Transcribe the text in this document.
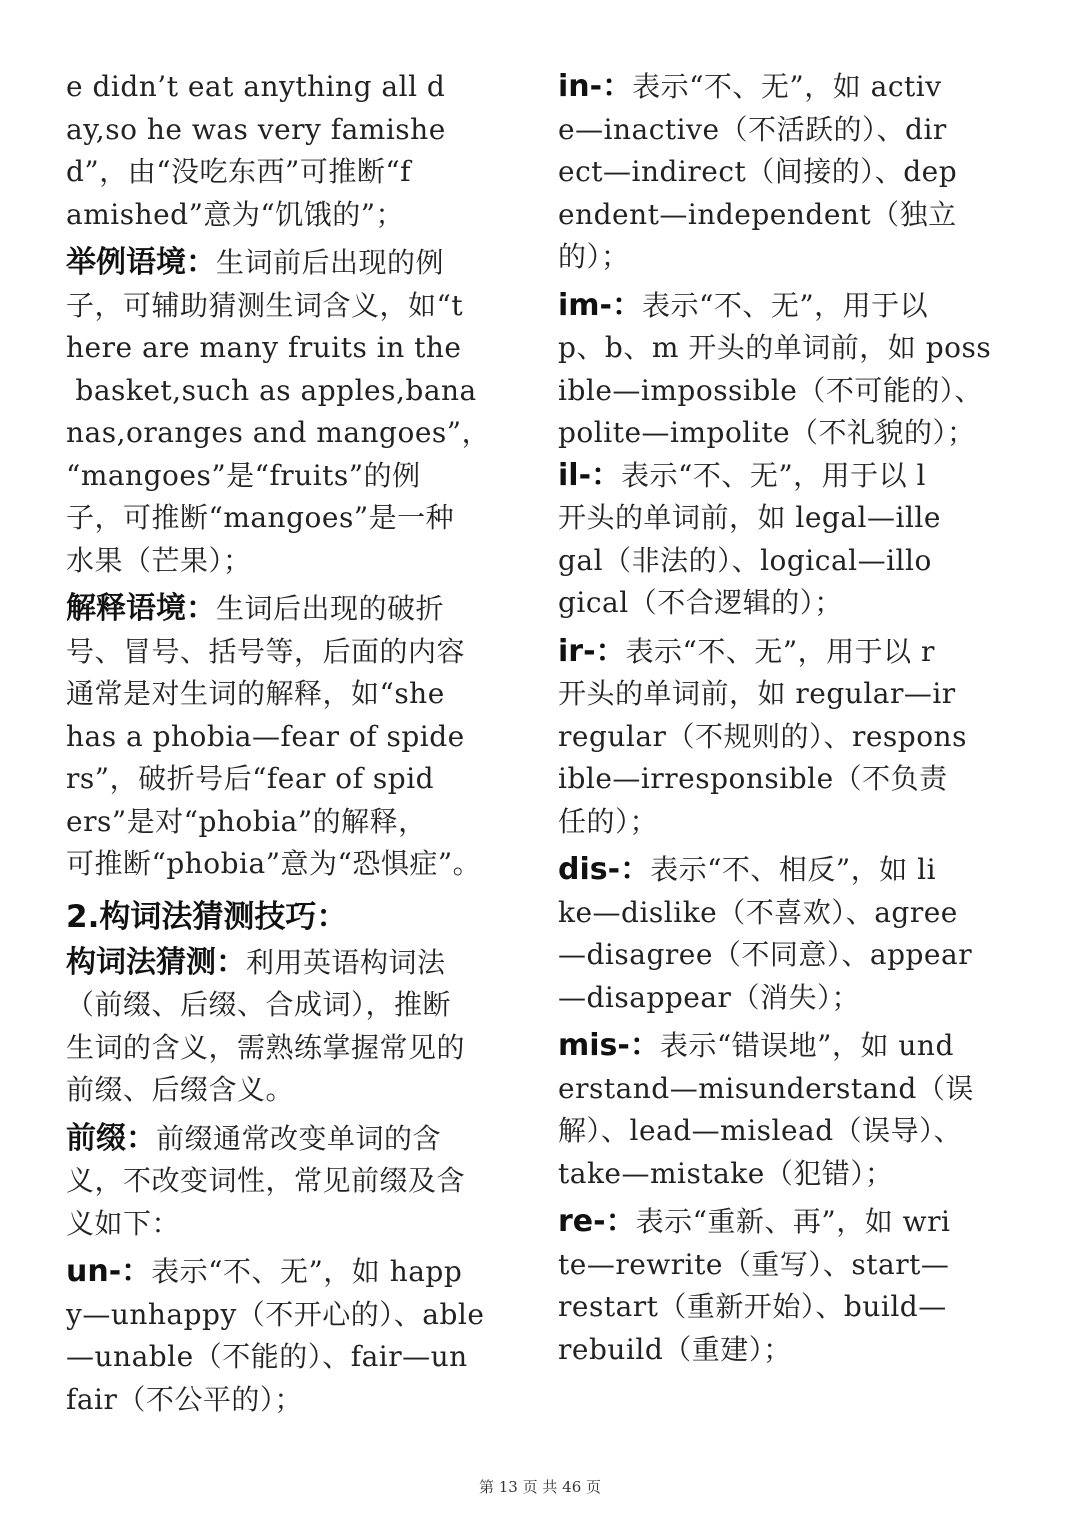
e didn’t eat anything all d
ay,so he was very famishe
d”，由“没吃东西”可推断“f
amished”意为“饥饿的”；
举例语境：生词前后出现的例
子，可辅助猜测生词含义，如“t
here are many fruits in the
basket,such as apples,bana
nas,oranges and mangoes”，
“mangoes”是“fruits”的例
子，可推断“mangoes”是一种
水果（芒果）；
解释语境：生词后出现的破折
号、冒号、括号等，后面的内容
通常是对生词的解释，如“she
has a phobia—fear of spide
rs”，破折号后“fear of spid
ers”是对“phobia”的解释，
可推断“phobia”意为“恐惧症”。
2.构词法猜测技巧：
构词法猜测：利用英语构词法
（前缀、后缀、合成词），推断
生词的含义，需熟练掌握常见的
前缀、后缀含义。
前缀：前缀通常改变单词的含
义，不改变词性，常见前缀及含
义如下：
un-：表示“不、无”，如 happ
y—unhappy（不开心的）、able
—unable（不能的）、fair—un
fair（不公平的）；
in-：表示“不、无”，如 activ
e—inactive（不活跃的）、dir
ect—indirect（间接的）、dep
endent—independent（独立
的）；
im-：表示“不、无”，用于以
p、b、m 开头的单词前，如 poss
ible—impossible（不可能的）、
polite—impolite（不礼貌的）；
il-：表示“不、无”，用于以 l
开头的单词前，如 legal—ille
gal（非法的）、logical—illo
gical（不合逻辑的）；
ir-：表示“不、无”，用于以 r
开头的单词前，如 regular—ir
regular（不规则的）、respons
ible—irresponsible（不负责
任的）；
dis-：表示“不、相反”，如 li
ke—dislike（不喜欢）、agree
—disagree（不同意）、appear
—disappear（消失）；
mis-：表示“错误地”，如 und
erstand—misunderstand（误
解）、lead—mislead（误导）、
take—mistake（犯错）；
re-：表示“重新、再”，如 wri
te—rewrite（重写）、start—
restart（重新开始）、build—
rebuild（重建）；
第 13 页 共 46 页
